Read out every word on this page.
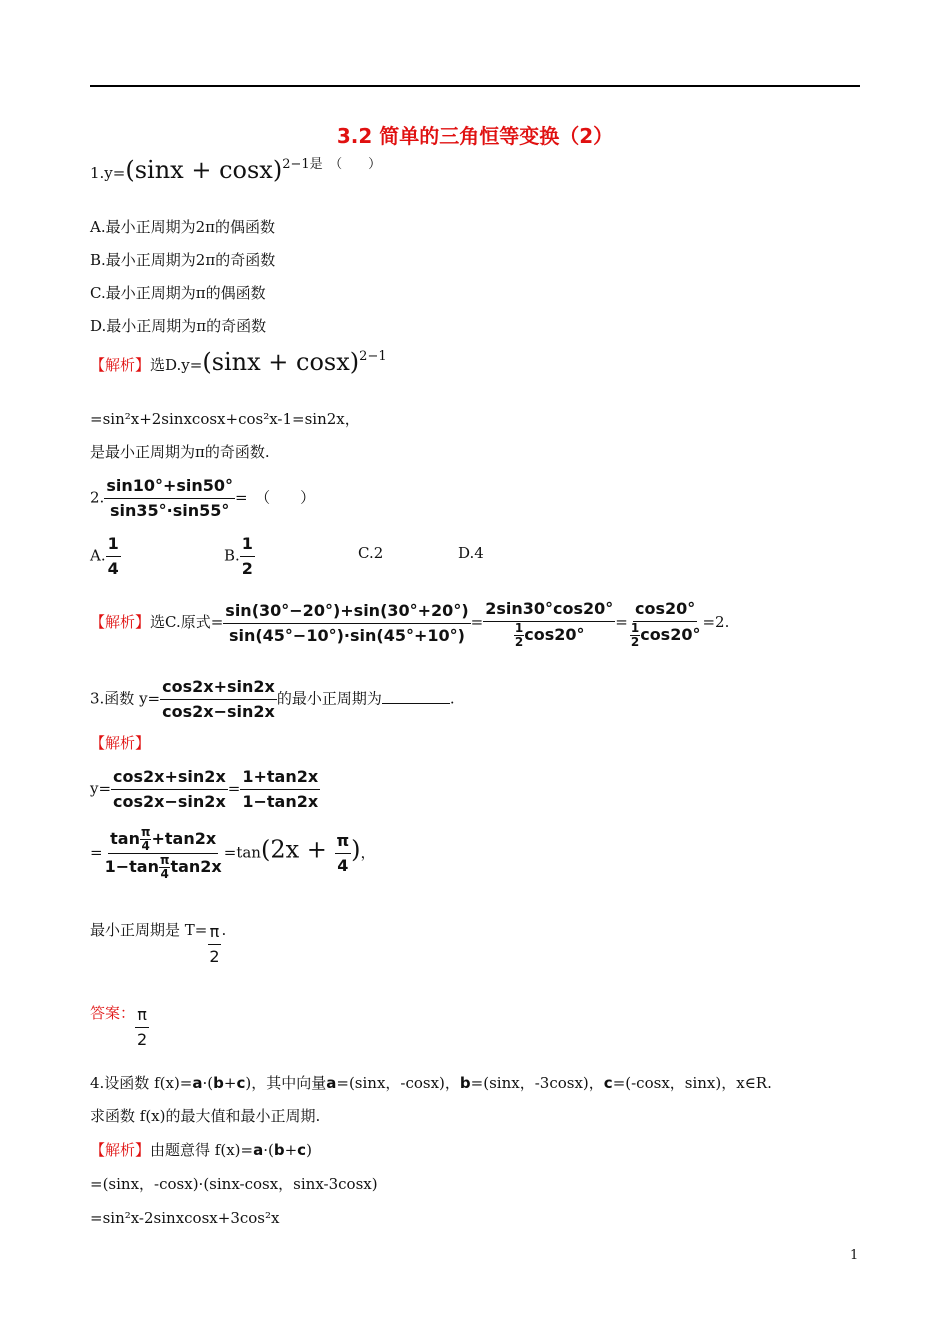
3.2 简单的三角恒等变换（2）
1.y=(sinx + cosx)2−1是　（　　）
A.最小正周期为2π的偶函数
B.最小正周期为2π的奇函数
C.最小正周期为π的偶函数
D.最小正周期为π的奇函数
【解析】选D.y=(sinx + cosx)2−1
=sin²x+2sinxcosx+cos²x-1=sin2x，
是最小正周期为π的奇函数.
2. $\frac{\sin 10^\circ+\sin 50^\circ}{\sin 35^\circ\cdot\sin 55^\circ}$ =　（　　）
A. $\frac{1}{4}$	B. $\frac{1}{2}$	C.2	D.4
【解析】选C.原式= $\frac{\sin(30^\circ-20^\circ)+\sin(30^\circ+20^\circ)}{\sin(45^\circ-10^\circ)\cdot\sin(45^\circ+10^\circ)} = \frac{2\sin 30^\circ\cos 20^\circ}{\frac{1}{2} \cos 20^\circ} = \frac{\cos 20^\circ}{\frac{1}{2} \cos 20^\circ} =2$.
3.函数 $y= \frac{\cos 2x+\sin 2x}{\cos 2x-\sin 2x}$ 的最小正周期为	.
【解析】
$y= \frac{\cos 2x+\sin 2x}{\cos 2x-\sin 2x} = \frac{1+\tan 2x}{1-\tan 2x}$
= $\frac{\tan \frac{\pi}{4} +\tan 2x}{1-\tan \frac{\pi}{4} \tan 2x} =\tan(2x + \frac{\pi}{4}$ )，
最小正周期是 $T= \frac{\pi}{2}$ .
答案： $\frac{\pi}{2}$
4.设函数 f(x)=a·(b+c)，其中向量a=(sinx，-cosx)，b=(sinx，-3cosx)，c=(-cosx，sinx)，x∈R.
求函数 f(x)的最大值和最小正周期.
【解析】由题意得 f(x)=a·(b+c)
=(sinx，-cosx)·(sinx-cosx，sinx-3cosx)
=sin²x-2sinxcosx+3cos²x
1
